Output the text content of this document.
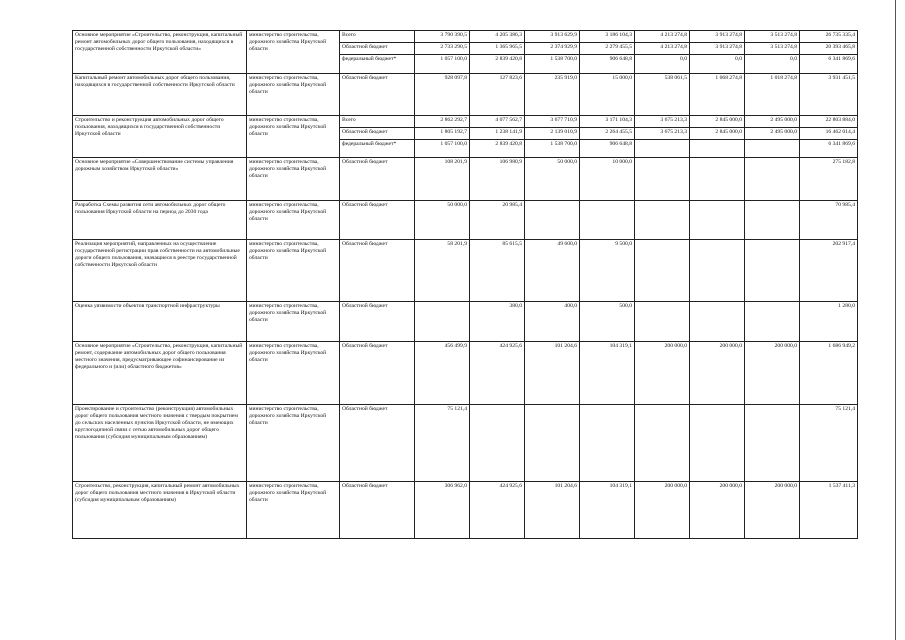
Основное мероприятие «Строительство, реконструкция, капитальный ремонт автомобильных дорог общего пользования, находящихся в государственной собственности Иркутской области»	министерство строительства, дорожного хозяйства Иркутской области	Всего	3 790 390,5	4 205 386,3	3 913 629,9	3 186 104,3	4 213 274,8	3 913 274,8	3 513 274,8	26 735 335,4
		Областной бюджет	2 733 290,5	1 365 965,5	2 374 929,9	2 279 455,5	4 213 274,8	3 913 274,8	3 513 274,8	20 393 465,8
		федеральный бюджет*	1 057 100,0	2 839 420,8	1 538 700,0	906 648,8	0,0	0,0	0,0	6 341 869,6
Капитальный ремонт автомобильных дорог общего пользования, находящихся в государственной собственности Иркутской области	министерство строительства, дорожного хозяйства Иркутской области	Областной бюджет	928 097,8	127 823,6	235 919,0	15 000,0	538 061,5	1 068 274,8	1 018 274,8	3 931 451,5
Строительство и реконструкция автомобильных дорог общего пользования, находящихся в государственной собственности Иркутской области	министерство строительства, дорожного хозяйства Иркутской области	Всего	2 862 292,7	4 077 562,7	3 677 710,9	3 171 104,3	3 675 213,3	2 845 000,0	2 495 000,0	22 803 884,0
		Областной бюджет	1 805 192,7	1 238 141,9	2 139 010,9	2 264 455,5	3 675 213,3	2 845 000,0	2 495 000,0	16 462 014,4
		федеральный бюджет*	1 057 100,0	2 839 420,8	1 538 700,0	906 648,8				6 341 869,6
Основное мероприятие «Совершенствование системы управления дорожным хозяйством Иркутской области»	министерство строительства, дорожного хозяйства Иркутской области	Областной бюджет	108 201,9	106 980,9	50 000,0	10 000,0				275 182,8
Разработка Схемы развития сети автомобильных дорог общего пользования Иркутской области на период до 2030 года	министерство строительства, дорожного хозяйства Иркутской области	Областной бюджет	50 000,0	20 985,4						70 985,4
Реализация мероприятий, направленных на осуществление государственной регистрации прав собственности на автомобильные дороги общего пользования, значащиеся в реестре государственной собственности Иркутской области	министерство строительства, дорожного хозяйства Иркутской области	Областной бюджет	58 201,9	85 615,5	49 600,0	9 500,0				202 917,4
Оценка уязвимости объектов транспортной инфраструктуры	министерство строительства, дорожного хозяйства Иркутской области	Областной бюджет		380,0	400,0	500,0				1 280,0
Основное мероприятие «Строительство, реконструкция, капитальный ремонт, содержание автомобильных дорог общего пользования местного значения, предусматривающее софинансирование из федерального и (или) областного бюджетов»	министерство строительства, дорожного хозяйства Иркутской области	Областной бюджет	456 499,9	424 925,6	101 204,6	104 319,1	200 000,0	200 000,0	200 000,0	1 686 949,2
Проектирование и строительство (реконструкция) автомобильных дорог общего пользования местного значения с твердым покрытием до сельских населенных пунктов Иркутской области, не имеющих круглогодичной связи с сетью автомобильных дорог общего пользования (субсидия муниципальным образованиям)	министерство строительства, дорожного хозяйства Иркутской области	Областной бюджет	75 121,4							75 121,4
Строительство, реконструкция, капитальный ремонт автомобильных дорог общего пользования местного значения в Иркутской области (субсидия муниципальным образованиям)	министерство строительства, дорожного хозяйства Иркутской области	Областной бюджет	306 962,0	424 925,6	101 204,6	104 319,1	200 000,0	200 000,0	200 000,0	1 537 411,3
